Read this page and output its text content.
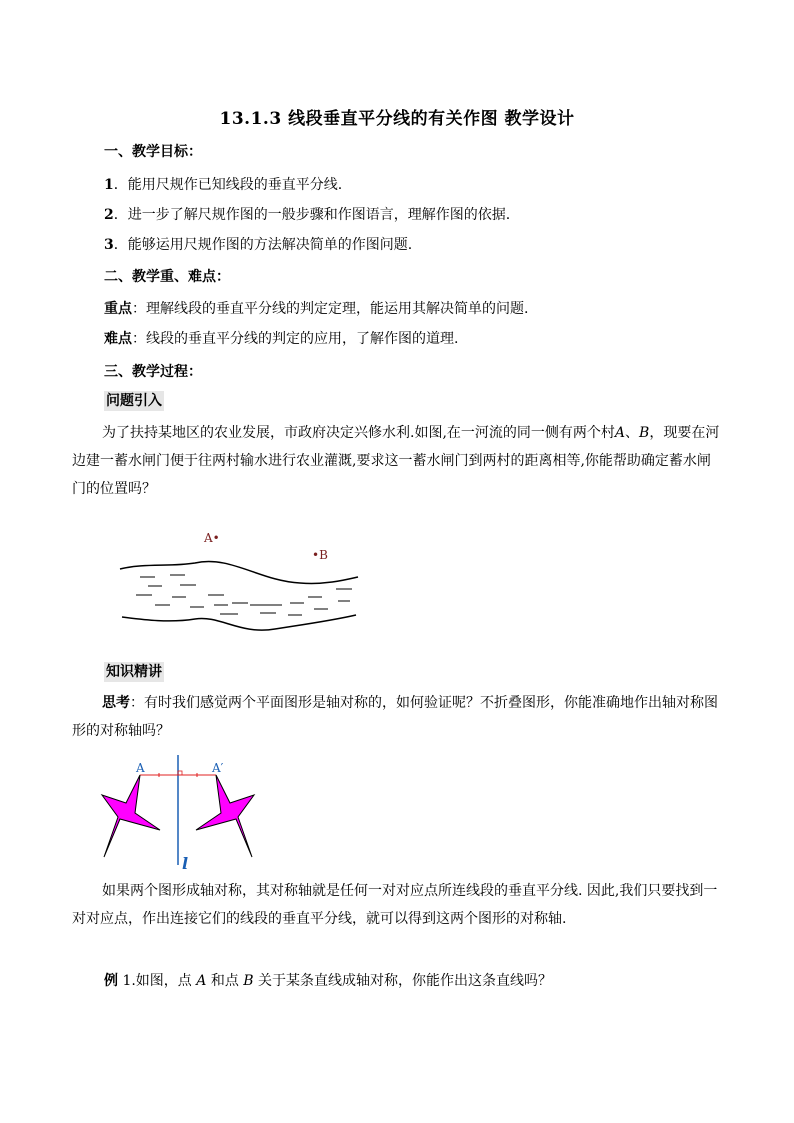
13.1.3 线段垂直平分线的有关作图 教学设计
一、教学目标：
1．能用尺规作已知线段的垂直平分线.
2．进一步了解尺规作图的一般步骤和作图语言，理解作图的依据.
3．能够运用尺规作图的方法解决简单的作图问题.
二、教学重、难点：
重点：理解线段的垂直平分线的判定定理，能运用其解决简单的问题.
难点：线段的垂直平分线的判定的应用，了解作图的道理.
三、教学过程：
问题引入
为了扶持某地区的农业发展，市政府决定兴修水利.如图,在一河流的同一侧有两个村A、B，现要在河边建一蓄水闸门便于往两村输水进行农业灌溉,要求这一蓄水闸门到两村的距离相等,你能帮助确定蓄水闸门的位置吗？
A•
•B
知识精讲
思考：有时我们感觉两个平面图形是轴对称的，如何验证呢？不折叠图形，你能准确地作出轴对称图形的对称轴吗？
A	A′
l
如果两个图形成轴对称，其对称轴就是任何一对对应点所连线段的垂直平分线. 因此,我们只要找到一对对应点，作出连接它们的线段的垂直平分线，就可以得到这两个图形的对称轴.
例 1.如图，点 A 和点 B 关于某条直线成轴对称，你能作出这条直线吗？
